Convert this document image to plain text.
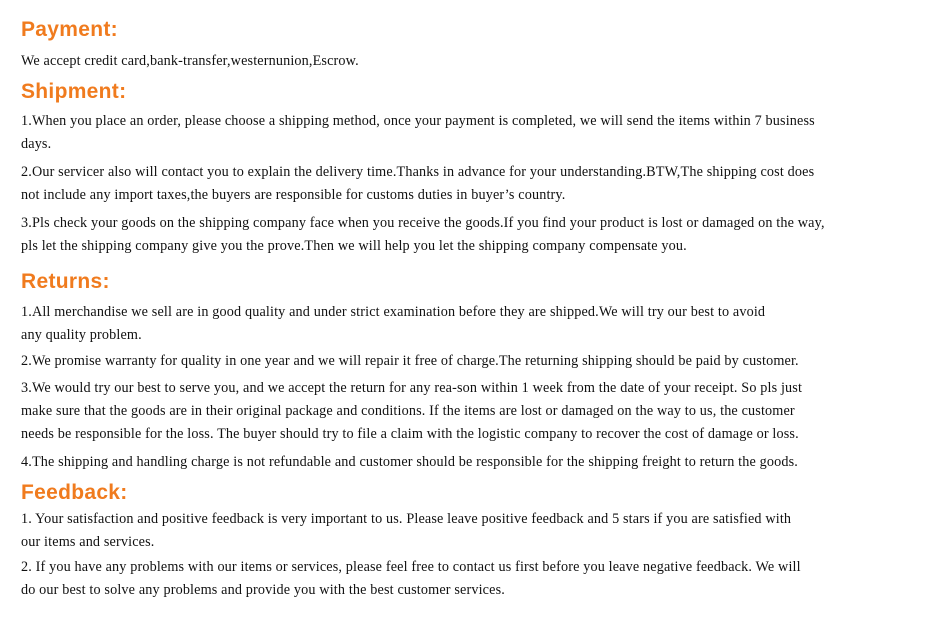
Payment:

We accept credit card,bank-transfer,westernunion,Escrow.

Shipment:

1.When you place an order, please choose a shipping method, once your payment is completed, we will send the items within 7 business
days.

2.Our servicer also will contact you to explain the delivery time.Thanks in advance for your understanding.BTW,The shipping cost does
not include any import taxes,the buyers are responsible for customs duties in buyer’s country.

3.Pls check your goods on the shipping company face when you receive the goods.If you find your product is lost or damaged on the way,
pls let the shipping company give you the prove.Then we will help you let the shipping company compensate you.

Returns:

1.All merchandise we sell are in good quality and under strict examination before they are shipped.We will try our best to avoid
any quality problem.

2.We promise warranty for quality in one year and we will repair it free of charge.The returning shipping should be paid by customer.

3.We would try our best to serve you, and we accept the return for any rea-son within 1 week from the date of your receipt. So pls just
make sure that the goods are in their original package and conditions. If the items are lost or damaged on the way to us, the customer
needs be responsible for the loss. The buyer should try to file a claim with the logistic company to recover the cost of damage or loss.

4.The shipping and handling charge is not refundable and customer should be responsible for the shipping freight to return the goods.

Feedback:

1. Your satisfaction and positive feedback is very important to us. Please leave positive feedback and 5 stars if you are satisfied with
our items and services.

2. If you have any problems with our items or services, please feel free to contact us first before you leave negative feedback. We will
do our best to solve any problems and provide you with the best customer services.
